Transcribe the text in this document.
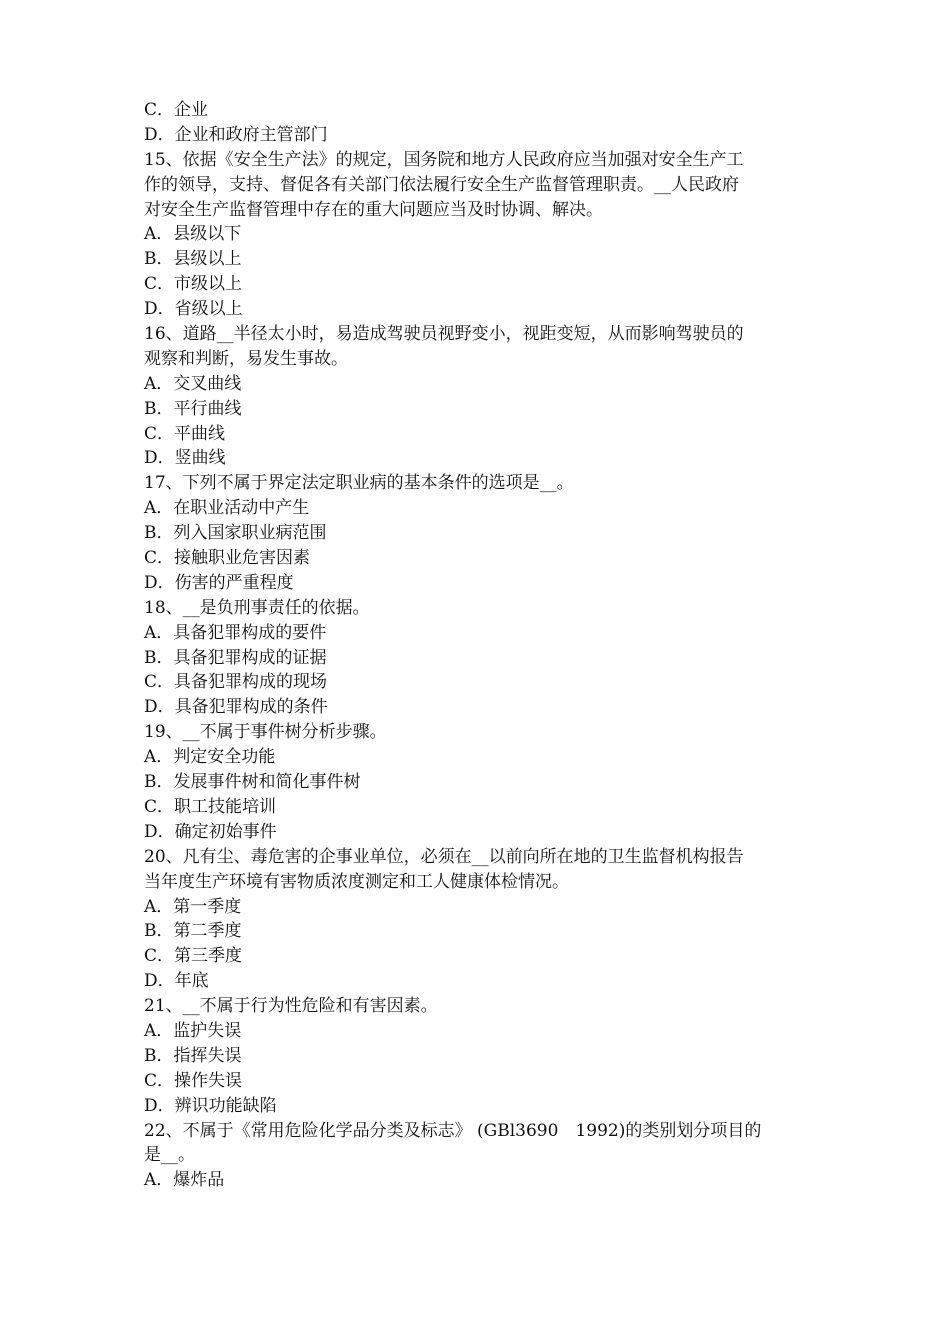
C．企业
D．企业和政府主管部门
15、依据《安全生产法》的规定，国务院和地方人民政府应当加强对安全生产工
作的领导，支持、督促各有关部门依法履行安全生产监督管理职责。__人民政府
对安全生产监督管理中存在的重大问题应当及时协调、解决。
A．县级以下
B．县级以上
C．市级以上
D．省级以上
16、道路__半径太小时，易造成驾驶员视野变小，视距变短，从而影响驾驶员的
观察和判断，易发生事故。
A．交叉曲线
B．平行曲线
C．平曲线
D．竖曲线
17、下列不属于界定法定职业病的基本条件的选项是__。
A．在职业活动中产生
B．列入国家职业病范围
C．接触职业危害因素
D．伤害的严重程度
18、__是负刑事责任的依据。
A．具备犯罪构成的要件
B．具备犯罪构成的证据
C．具备犯罪构成的现场
D．具备犯罪构成的条件
19、__不属于事件树分析步骤。
A．判定安全功能
B．发展事件树和简化事件树
C．职工技能培训
D．确定初始事件
20、凡有尘、毒危害的企事业单位，必须在__以前向所在地的卫生监督机构报告
当年度生产环境有害物质浓度测定和工人健康体检情况。
A．第一季度
B．第二季度
C．第三季度
D．年底
21、__不属于行为性危险和有害因素。
A．监护失误
B．指挥失误
C．操作失误
D．辨识功能缺陷
22、不属于《常用危险化学品分类及标志》 (GBl3690　1992)的类别划分项目的
是__。
A．爆炸品
